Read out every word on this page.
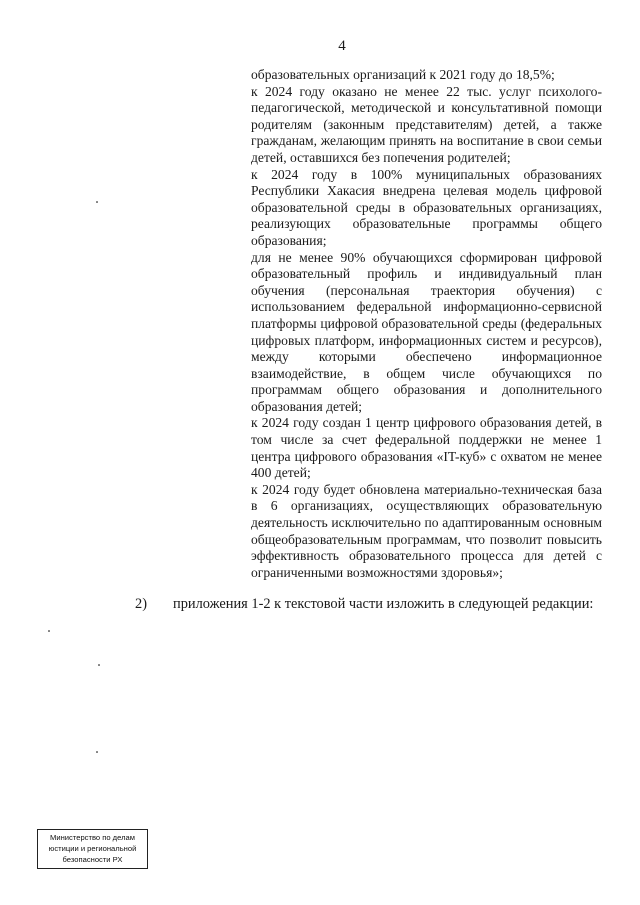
4

образовательных организаций к 2021 году до 18,5%;

к 2024 году оказано не менее 22 тыс. услуг психолого-педагогической, методической и консультативной помощи родителям (законным представителям) детей, а также гражданам, желающим принять на воспитание в свои семьи детей, оставшихся без попечения родителей;

к 2024 году в 100% муниципальных образованиях Республики Хакасия внедрена целевая модель цифровой образовательной среды в образовательных организациях, реализующих образовательные программы общего образования;

для не менее 90% обучающихся сформирован цифровой образовательный профиль и индивидуальный план обучения (персональная траектория обучения) с использованием федеральной информационно-сервисной платформы цифровой образовательной среды (федеральных цифровых платформ, информационных систем и ресурсов), между которыми обеспечено информационное взаимодействие, в общем числе обучающихся по программам общего образования и дополнительного образования детей;

к 2024 году создан 1 центр цифрового образования детей, в том числе за счет федеральной поддержки не менее 1 центра цифрового образования «IT-куб» с охватом не менее 400 детей;

к 2024 году будет обновлена материально-техническая база в 6 организациях, осуществляющих образовательную деятельность исключительно по адаптированным основным общеобразовательным программам, что позволит повысить эффективность образовательного процесса для детей с ограниченными возможностями здоровья»;

2) приложения 1-2 к текстовой части изложить в следующей редакции:
Министерство по делам
юстиции и региональной
безопасности РХ
